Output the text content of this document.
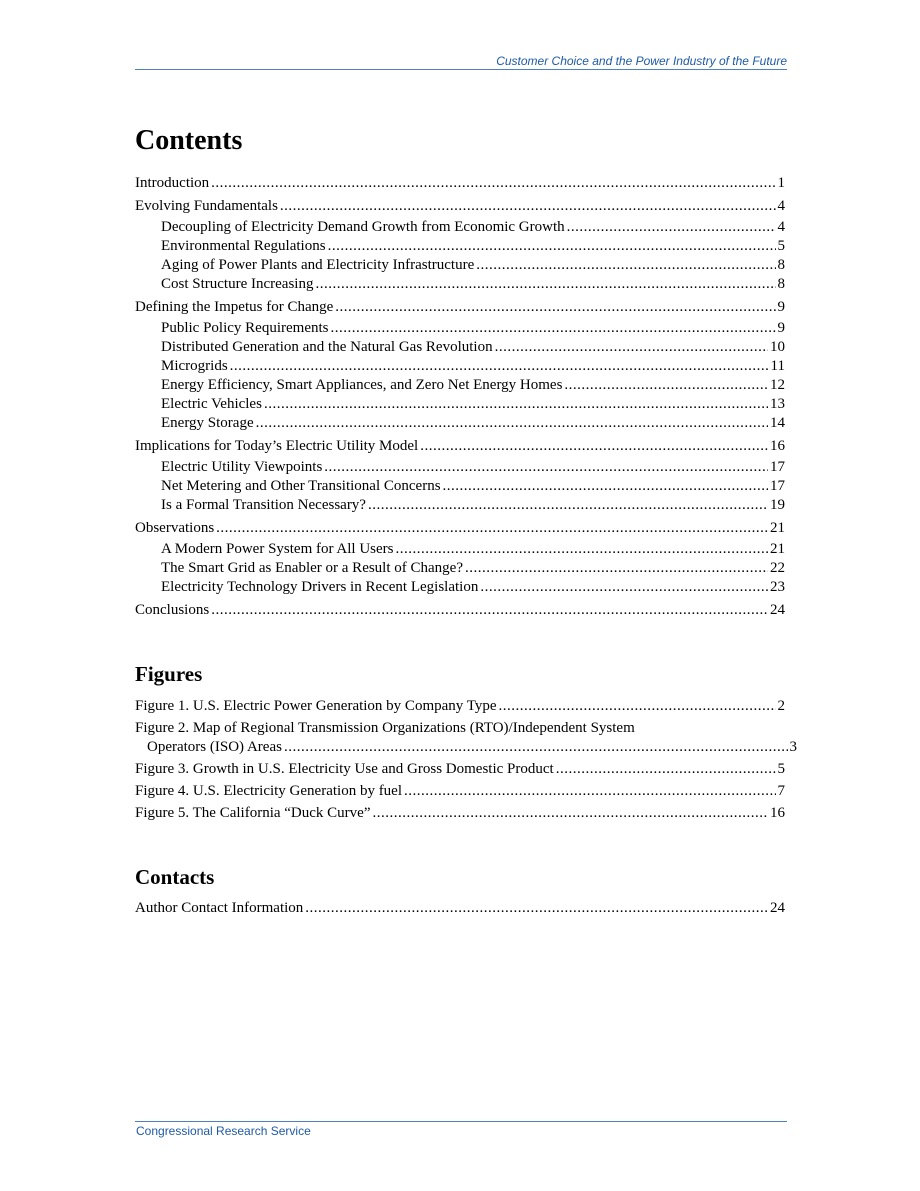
Customer Choice and the Power Industry of the Future
Contents
Introduction .....	1
Evolving Fundamentals .....	4
Decoupling of Electricity Demand Growth from Economic Growth .....	4
Environmental Regulations .....	5
Aging of Power Plants and Electricity Infrastructure .....	8
Cost Structure Increasing .....	8
Defining the Impetus for Change .....	9
Public Policy Requirements .....	9
Distributed Generation and the Natural Gas Revolution .....	10
Microgrids .....	11
Energy Efficiency, Smart Appliances, and Zero Net Energy Homes .....	12
Electric Vehicles .....	13
Energy Storage .....	14
Implications for Today’s Electric Utility Model .....	16
Electric Utility Viewpoints .....	17
Net Metering and Other Transitional Concerns .....	17
Is a Formal Transition Necessary? .....	19
Observations .....	21
A Modern Power System for All Users .....	21
The Smart Grid as Enabler or a Result of Change? .....	22
Electricity Technology Drivers in Recent Legislation .....	23
Conclusions .....	24
Figures
Figure 1. U.S. Electric Power Generation by Company Type .....	2
Figure 2. Map of Regional Transmission Organizations (RTO)/Independent System
Operators (ISO) Areas .....	3
Figure 3. Growth in U.S. Electricity Use and Gross Domestic Product .....	5
Figure 4. U.S. Electricity Generation by fuel .....	7
Figure 5. The California “Duck Curve” .....	16
Contacts
Author Contact Information .....	24
Congressional Research Service
